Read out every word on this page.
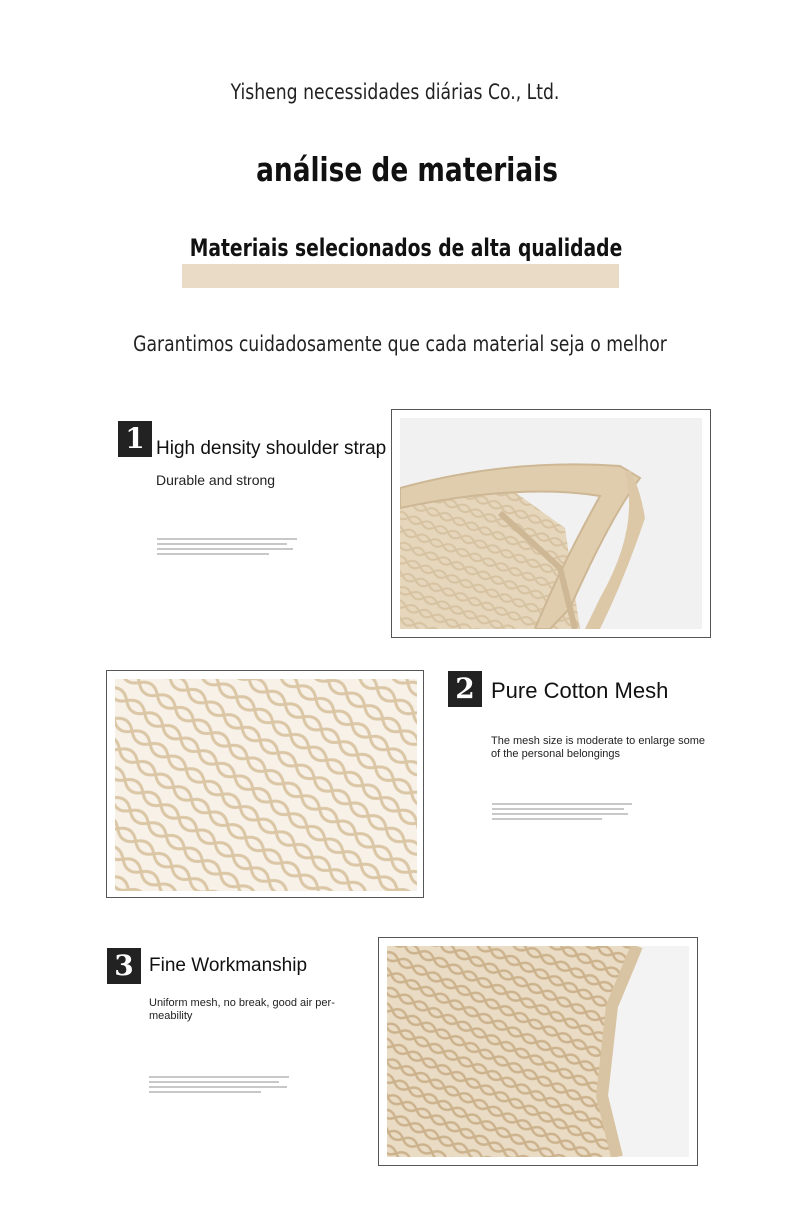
Yisheng necessidades diárias Co., Ltd.
análise de materiais
Materiais selecionados de alta qualidade
Garantimos cuidadosamente que cada material seja o melhor
1 High density shoulder strap
Durable and strong
2 Pure Cotton Mesh
The mesh size is moderate to enlarge some of the personal belongings
3 Fine Workmanship
Uniform mesh, no break, good air per-meability
